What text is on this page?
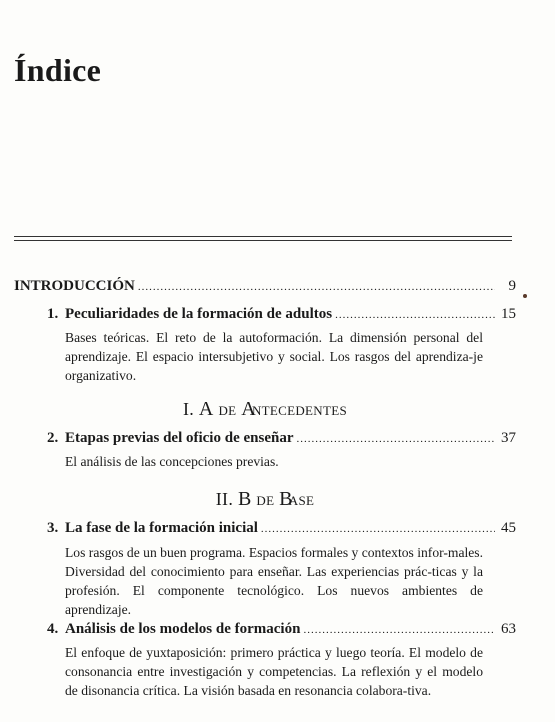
Índice
INTRODUCCIÓN .....	9
1. Peculiaridades de la formación de adultos .....	15
Bases teóricas. El reto de la autoformación. La dimensión personal del aprendizaje. El espacio intersubjetivo y social. Los rasgos del aprendiza-je organizativo.
I. A de Antecedentes
2. Etapas previas del oficio de enseñar .....	37
El análisis de las concepciones previas.
II. B de Base
3. La fase de la formación inicial .....	45
Los rasgos de un buen programa. Espacios formales y contextos infor-males. Diversidad del conocimiento para enseñar. Las experiencias prác-ticas y la profesión. El componente tecnológico. Los nuevos ambientes de aprendizaje.
4. Análisis de los modelos de formación .....	63
El enfoque de yuxtaposición: primero práctica y luego teoría. El modelo de consonancia entre investigación y competencias. La reflexión y el modelo de disonancia crítica. La visión basada en resonancia colabora-tiva.
